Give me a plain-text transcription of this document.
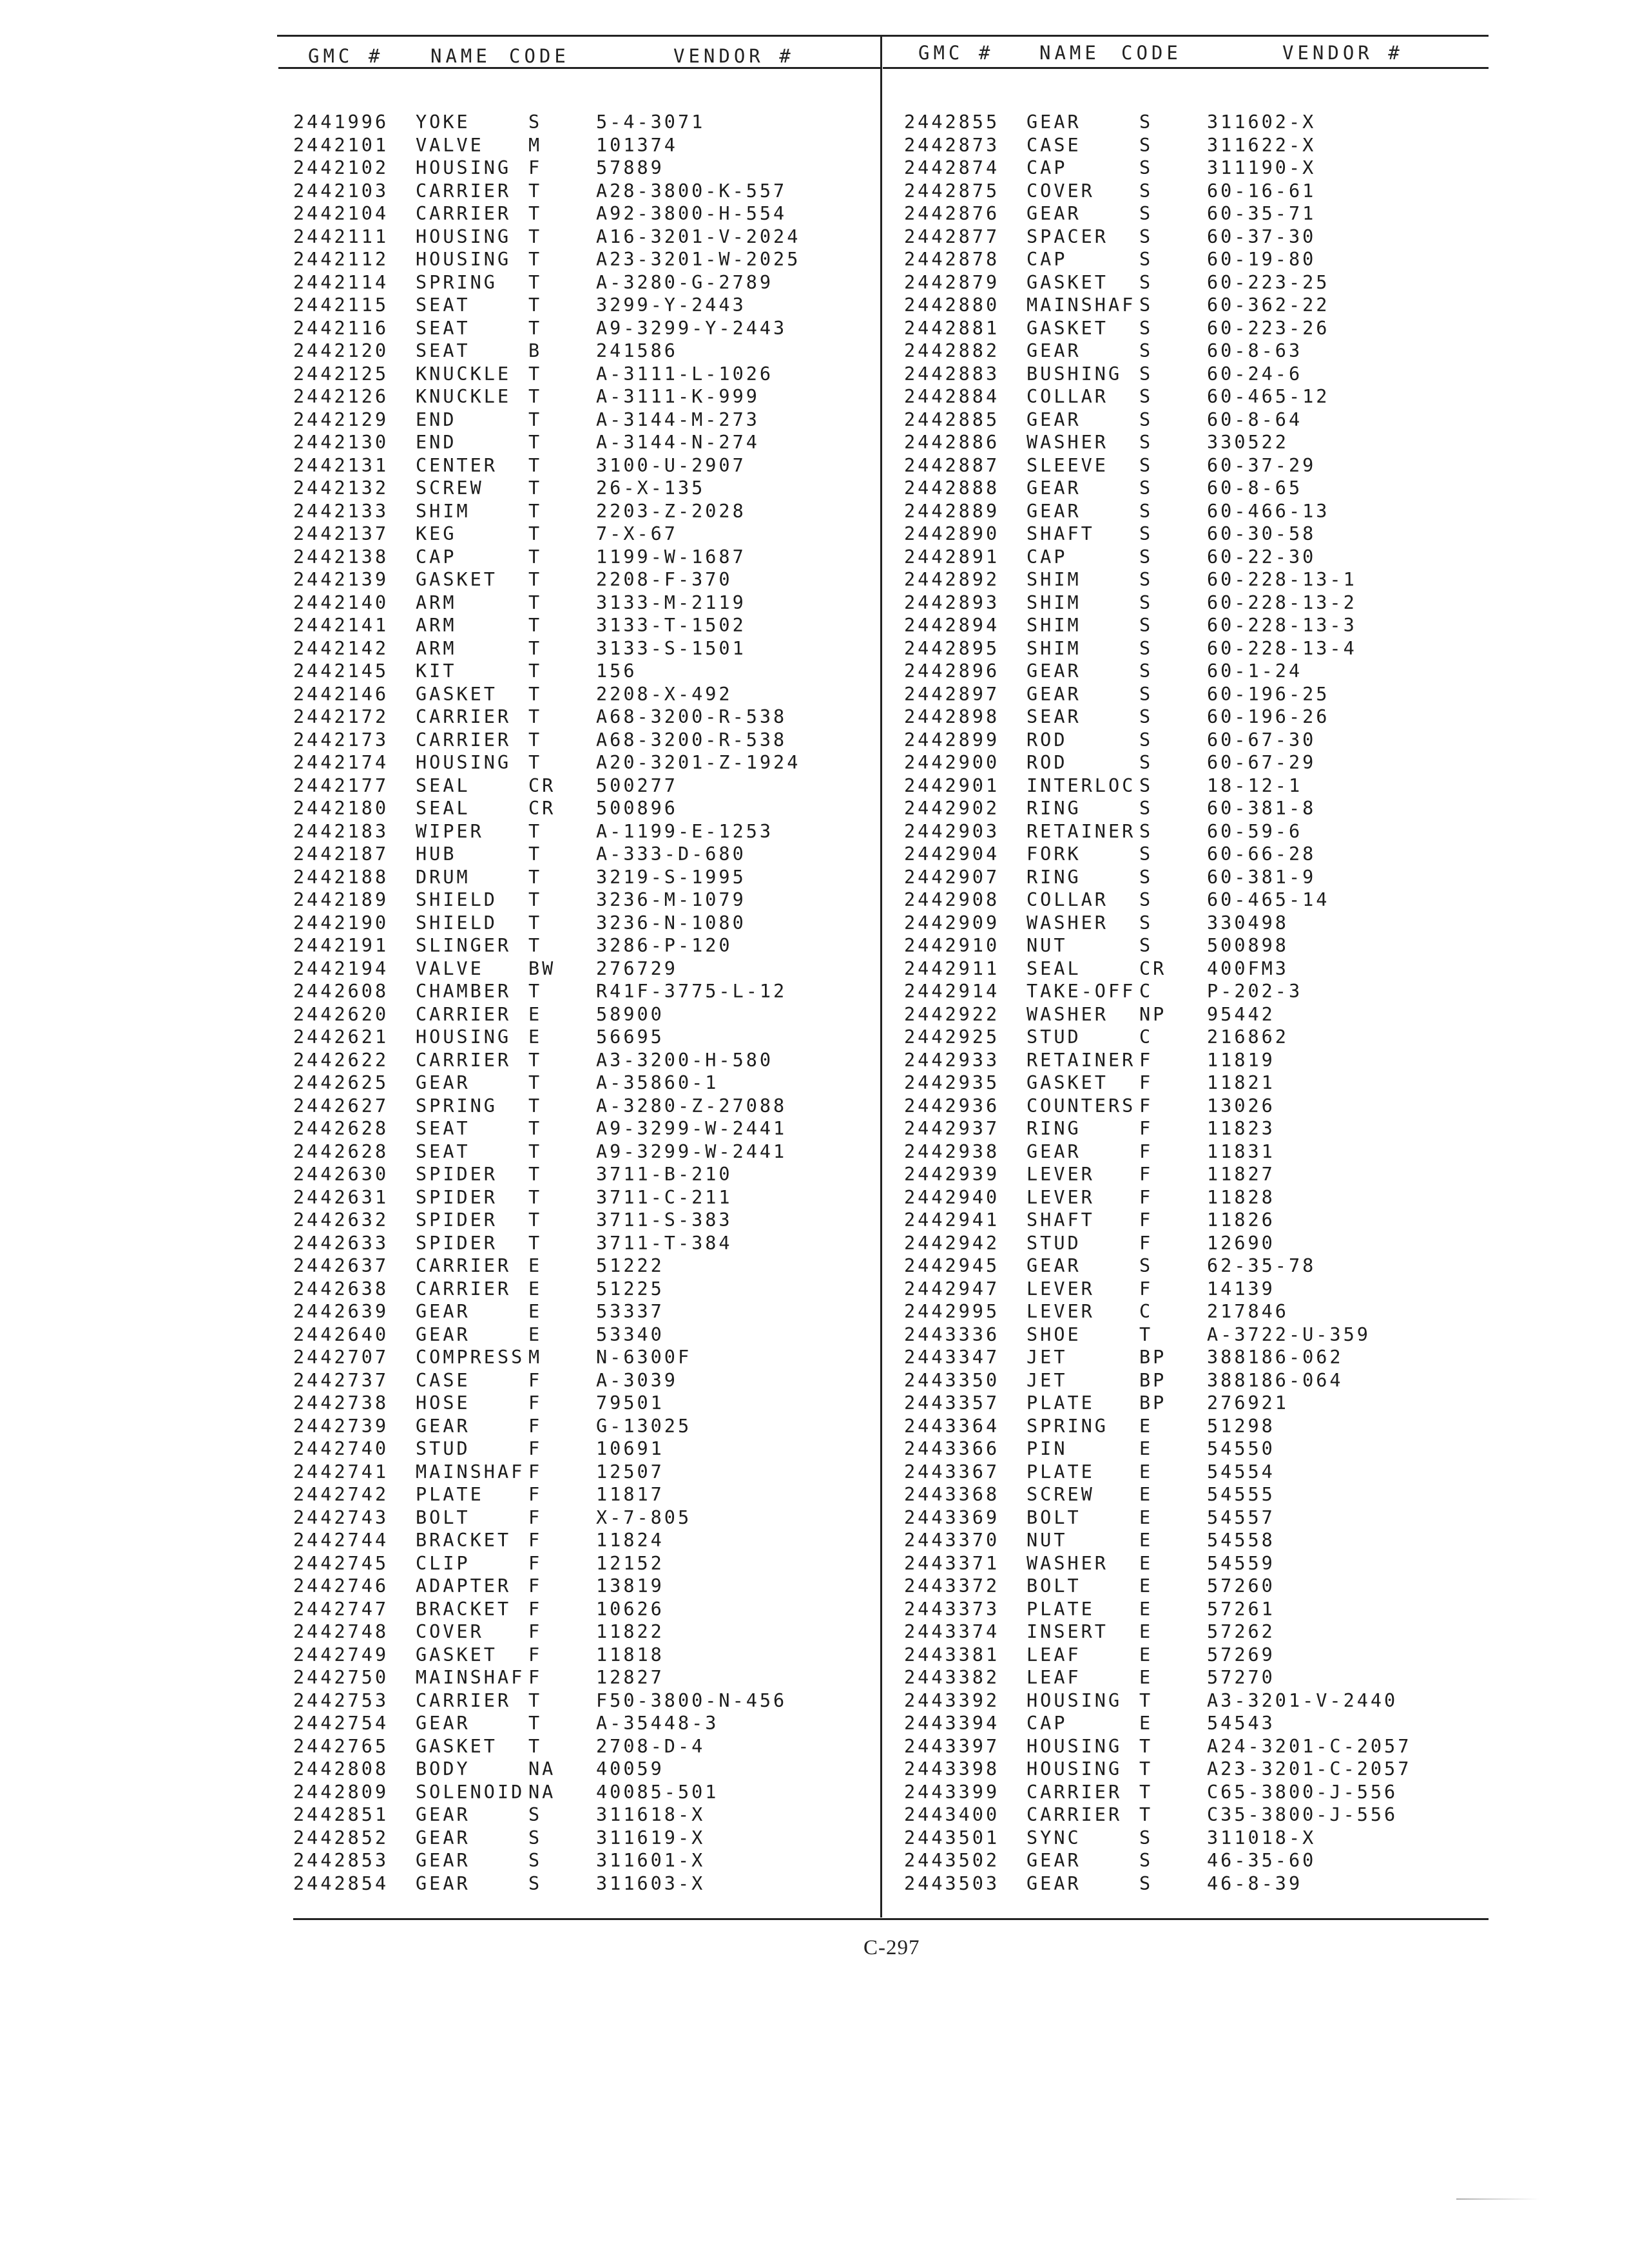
GMC #	NAME CODE	VENDOR #	GMC # NAME CODE	VENDOR #
2441996 YOKE	S	5-4-3071
2442101 VALVE M	101374
2442102 HOUSING F	57889
2442103 CARRIER T	A28-3800-K-557
2442104 CARRIER T	A92-3800-H-554
2442111 HOUSING T	A16-3201-V-2024
2442112 HOUSING T	A23-3201-W-2025
2442114 SPRING T	A-3280-G-2789
2442115 SEAT	T	3299-Y-2443
2442116 SEAT	T	A9-3299-Y-2443
2442120 SEAT	B	241586
2442125 KNUCKLE T	A-3111-L-1026
2442126 KNUCKLE T	A-3111-K-999
2442129 END	T	A-3144-M-273
2442130 END	T	A-3144-N-274
2442131 CENTER T	3100-U-2907
2442132 SCREW T	26-X-135
2442133 SHIM	T	2203-Z-2028
2442137 KEG	T	7-X-67
2442138 CAP	T	1199-W-1687
2442139 GASKET T	2208-F-370
2442140 ARM	T	3133-M-2119
2442141 ARM	T	3133-T-1502
2442142 ARM	T	3133-S-1501
2442145 KIT	T	156
2442146 GASKET T	2208-X-492
2442172 CARRIER T	A68-3200-R-538
2442173 CARRIER T	A68-3200-R-538
2442174 HOUSING T	A20-3201-Z-1924
2442177 SEAL	CR 500277
2442180 SEAL	CR 500896
2442183 WIPER T	A-1199-E-1253
2442187 HUB	T	A-333-D-680
2442188 DRUM	T	3219-S-1995
2442189 SHIELD T	3236-M-1079
2442190 SHIELD T	3236-N-1080
2442191 SLINGER T	3286-P-120
2442194 VALVE BW 276729
2442608 CHAMBER T	R41F-3775-L-12
2442620 CARRIER E	58900
2442621 HOUSING E	56695
2442622 CARRIER T	A3-3200-H-580
2442625 GEAR	T	A-35860-1
2442627 SPRING T	A-3280-Z-27088
2442628 SEAT	T	A9-3299-W-2441
2442628 SEAT	T	A9-3299-W-2441
2442630 SPIDER T	3711-B-210
2442631 SPIDER T	3711-C-211
2442632 SPIDER T	3711-S-383
2442633 SPIDER T	3711-T-384
2442637 CARRIER E	51222
2442638 CARRIER E	51225
2442639 GEAR	E	53337
2442640 GEAR	E	53340
2442707 COMPRESS M	N-6300F
2442737 CASE	F	A-3039
2442738 HOSE	F	79501
2442739 GEAR	F	G-13025
2442740 STUD	F	10691
2442741 MAINSHAF F	12507
2442742 PLATE F	11817
2442743 BOLT	F	X-7-805
2442744 BRACKET F	11824
2442745 CLIP	F	12152
2442746 ADAPTER F	13819
2442747 BRACKET F	10626
2442748 COVER F	11822
2442749 GASKET F	11818
2442750 MAINSHAF F	12827
2442753 CARRIER T	F50-3800-N-456
2442754 GEAR	T	A-35448-3
2442765 GASKET T	2708-D-4
2442808 BODY	NA 40059
2442809 SOLENOID NA 40085-501
2442851 GEAR	S	311618-X
2442852 GEAR	S	311619-X
2442853 GEAR	S	311601-X
2442854 GEAR	S	311603-X
2442855 GEAR	S	311602-X
2442873 CASE	S	311622-X
2442874 CAP	S	311190-X
2442875 COVER S	60-16-61
2442876 GEAR	S	60-35-71
2442877 SPACER S	60-37-30
2442878 CAP	S	60-19-80
2442879 GASKET S	60-223-25
2442880 MAINSHAF S	60-362-22
2442881 GASKET S	60-223-26
2442882 GEAR	S	60-8-63
2442883 BUSHING S	60-24-6
2442884 COLLAR S	60-465-12
2442885 GEAR	S	60-8-64
2442886 WASHER S	330522
2442887 SLEEVE S	60-37-29
2442888 GEAR	S	60-8-65
2442889 GEAR	S	60-466-13
2442890 SHAFT S	60-30-58
2442891 CAP	S	60-22-30
2442892 SHIM	S	60-228-13-1
2442893 SHIM	S	60-228-13-2
2442894 SHIM	S	60-228-13-3
2442895 SHIM	S	60-228-13-4
2442896 GEAR	S	60-1-24
2442897 GEAR	S	60-196-25
2442898 SEAR	S	60-196-26
2442899 ROD	S	60-67-30
2442900 ROD	S	60-67-29
2442901 INTERLOC S	18-12-1
2442902 RING	S	60-381-8
2442903 RETAINER S	60-59-6
2442904 FORK	S	60-66-28
2442907 RING	S	60-381-9
2442908 COLLAR S	60-465-14
2442909 WASHER S	330498
2442910 NUT	S	500898
2442911 SEAL	CR 400FM3
2442914 TAKE-OFF C	P-202-3
2442922 WASHER NP 95442
2442925 STUD	C	216862
2442933 RETAINER F	11819
2442935 GASKET F	11821
2442936 COUNTERS F	13026
2442937 RING	F	11823
2442938 GEAR	F	11831
2442939 LEVER F	11827
2442940 LEVER F	11828
2442941 SHAFT F	11826
2442942 STUD	F	12690
2442945 GEAR	S	62-35-78
2442947 LEVER F	14139
2442995 LEVER C	217846
2443336 SHOE	T	A-3722-U-359
2443347 JET	BP 388186-062
2443350 JET	BP 388186-064
2443357 PLATE BP 276921
2443364 SPRING E	51298
2443366 PIN	E	54550
2443367 PLATE E	54554
2443368 SCREW E	54555
2443369 BOLT	E	54557
2443370 NUT	E	54558
2443371 WASHER E	54559
2443372 BOLT	E	57260
2443373 PLATE E	57261
2443374 INSERT E	57262
2443381 LEAF	E	57269
2443382 LEAF	E	57270
2443392 HOUSING T	A3-3201-V-2440
2443394 CAP	E	54543
2443397 HOUSING T	A24-3201-C-2057
2443398 HOUSING T	A23-3201-C-2057
2443399 CARRIER T	C65-3800-J-556
2443400 CARRIER T	C35-3800-J-556
2443501 SYNC	S	311018-X
2443502 GEAR	S	46-35-60
2443503 GEAR	S	46-8-39
C-297
